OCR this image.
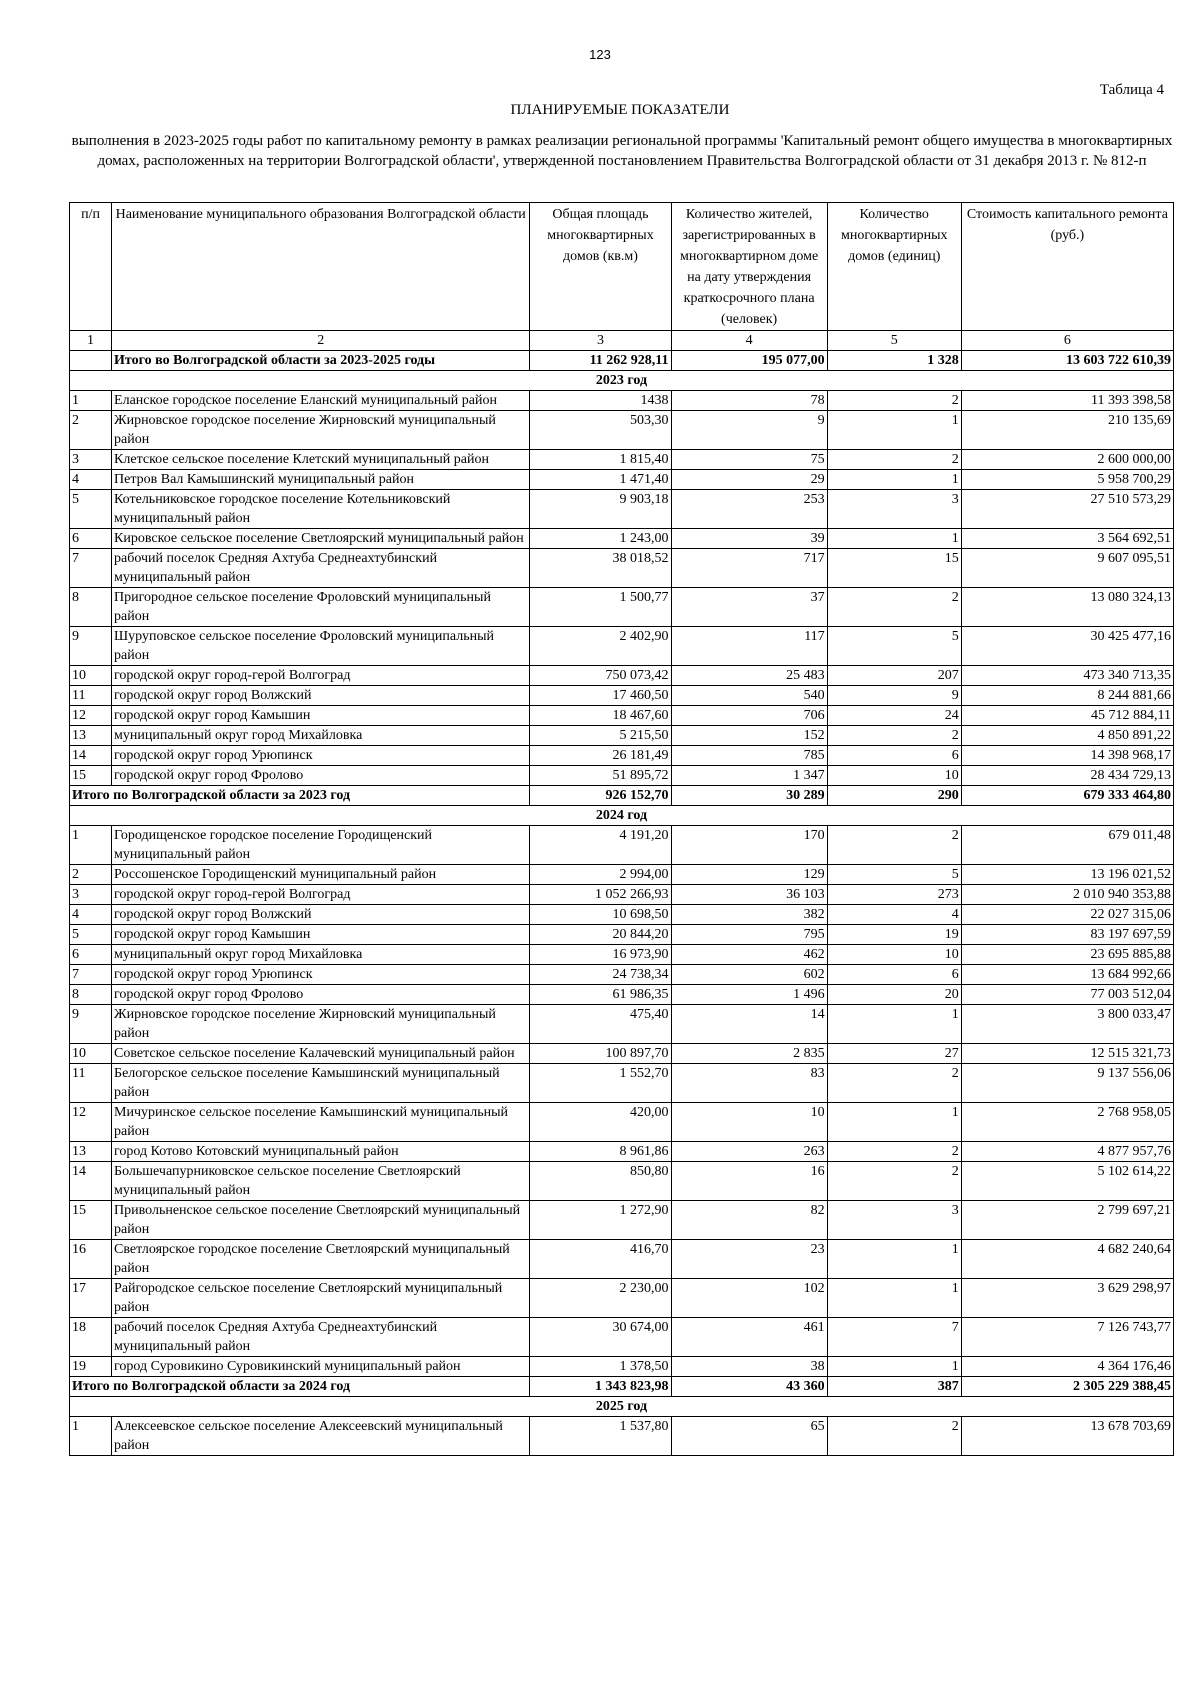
123
Таблица 4
ПЛАНИРУЕМЫЕ ПОКАЗАТЕЛИ
выполнения в 2023-2025 годы работ по капитальному ремонту в рамках реализации региональной программы 'Капитальный ремонт общего имущества в многоквартирных домах, расположенных на территории Волгоградской области', утвержденной постановлением Правительства Волгоградской области от 31 декабря 2013 г. № 812-п
п/п	Наименование муниципального образования Волгоградской области	Общая площадь многоквартирных домов (кв.м)	Количество жителей, зарегистрированных в многоквартирном доме на дату утверждения краткосрочного плана (человек)	Количество многоквартирных домов (единиц)	Стоимость капитального ремонта (руб.)
1	2	3	4	5	6
	Итого во Волгоградской области за 2023-2025 годы	11 262 928,11	195 077,00	1 328	13 603 722 610,39
2023 год					
1	Еланское городское поселение Еланский муниципальный район	1438	78	2	11 393 398,58
2	Жирновское городское поселение Жирновский муниципальный район	503,30	9	1	210 135,69
3	Клетское сельское поселение Клетский муниципальный район	1 815,40	75	2	2 600 000,00
4	Петров Вал Камышинский муниципальный район	1 471,40	29	1	5 958 700,29
5	Котельниковское городское поселение Котельниковский муниципальный район	9 903,18	253	3	27 510 573,29
6	Кировское сельское поселение Светлоярский муниципальный район	1 243,00	39	1	3 564 692,51
7	рабочий поселок Средняя Ахтуба Среднеахтубинский муниципальный район	38 018,52	717	15	9 607 095,51
8	Пригородное сельское поселение Фроловский муниципальный район	1 500,77	37	2	13 080 324,13
9	Шуруповское сельское поселение Фроловский муниципальный район	2 402,90	117	5	30 425 477,16
10	городской округ город-герой Волгоград	750 073,42	25 483	207	473 340 713,35
11	городской округ город Волжский	17 460,50	540	9	8 244 881,66
12	городской округ город Камышин	18 467,60	706	24	45 712 884,11
13	муниципальный округ город Михайловка	5 215,50	152	2	4 850 891,22
14	городской округ город Урюпинск	26 181,49	785	6	14 398 968,17
15	городской округ город Фролово	51 895,72	1 347	10	28 434 729,13
Итого по Волгоградской области за 2023 год		926 152,70	30 289	290	679 333 464,80
2024 год					
1	Городищенское городское поселение Городищенский муниципальный район	4 191,20	170	2	679 011,48
2	Россошенское Городищенский муниципальный район	2 994,00	129	5	13 196 021,52
3	городской округ город-герой Волгоград	1 052 266,93	36 103	273	2 010 940 353,88
4	городской округ город Волжский	10 698,50	382	4	22 027 315,06
5	городской округ город Камышин	20 844,20	795	19	83 197 697,59
6	муниципальный округ город Михайловка	16 973,90	462	10	23 695 885,88
7	городской округ город Урюпинск	24 738,34	602	6	13 684 992,66
8	городской округ город Фролово	61 986,35	1 496	20	77 003 512,04
9	Жирновское городское поселение Жирновский муниципальный район	475,40	14	1	3 800 033,47
10	Советское сельское поселение Калачевский муниципальный район	100 897,70	2 835	27	12 515 321,73
11	Белогорское сельское поселение Камышинский муниципальный район	1 552,70	83	2	9 137 556,06
12	Мичуринское сельское поселение Камышинский муниципальный район	420,00	10	1	2 768 958,05
13	город Котово Котовский муниципальный район	8 961,86	263	2	4 877 957,76
14	Большечапурниковское сельское поселение Светлоярский муниципальный район	850,80	16	2	5 102 614,22
15	Привольненское сельское поселение Светлоярский муниципальный район	1 272,90	82	3	2 799 697,21
16	Светлоярское городское поселение Светлоярский муниципальный район	416,70	23	1	4 682 240,64
17	Райгородское сельское поселение Светлоярский муниципальный район	2 230,00	102	1	3 629 298,97
18	рабочий поселок Средняя Ахтуба Среднеахтубинский муниципальный район	30 674,00	461	7	7 126 743,77
19	город Суровикино Суровикинский муниципальный район	1 378,50	38	1	4 364 176,46
Итого по Волгоградской области за 2024 год		1 343 823,98	43 360	387	2 305 229 388,45
2025 год					
1	Алексеевское сельское поселение Алексеевский муниципальный район	1 537,80	65	2	13 678 703,69
